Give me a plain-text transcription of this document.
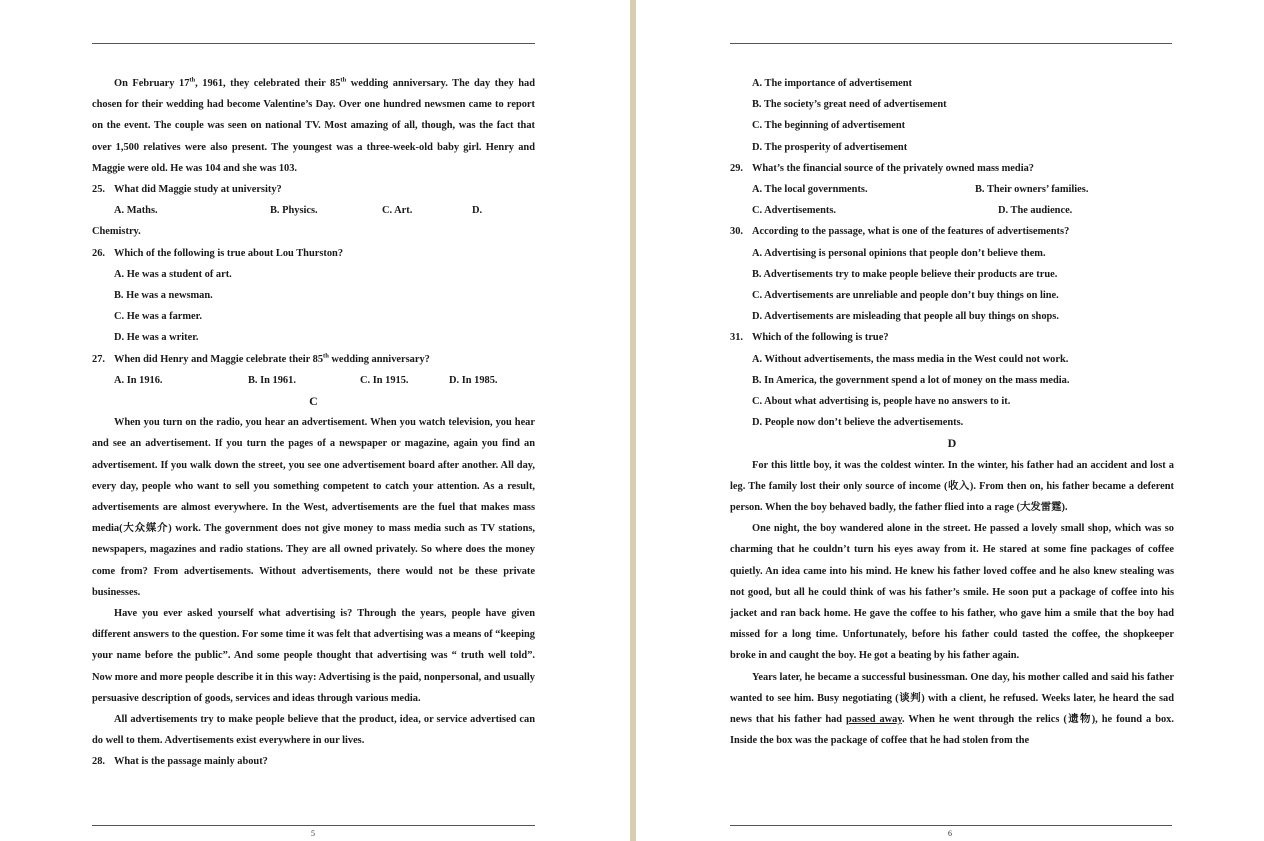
On February 17th, 1961, they celebrated their 85th wedding anniversary. The day they had chosen for their wedding had become Valentine’s Day. Over one hundred newsmen came to report on the event. The couple was seen on national TV. Most amazing of all, though, was the fact that over 1,500 relatives were also present. The youngest was a three-week-old baby girl. Henry and Maggie were old. He was 104 and she was 103.

25. What did Maggie study at university?

A. Maths.	B. Physics.	C. Art.	D.

Chemistry.

26. Which of the following is true about Lou Thurston?

A. He was a student of art.

B. He was a newsman.

C. He was a farmer.

D. He was a writer.

27. When did Henry and Maggie celebrate their 85th wedding anniversary?

A. In 1916.	B. In 1961.	C. In 1915.	D. In 1985.

C

When you turn on the radio, you hear an advertisement. When you watch television, you hear and see an advertisement. If you turn the pages of a newspaper or magazine, again you find an advertisement. If you walk down the street, you see one advertisement board after another. All day, every day, people who want to sell you something competent to catch your attention. As a result, advertisements are almost everywhere. In the West, advertisements are the fuel that makes mass media(大众媒介) work. The government does not give money to mass media such as TV stations, newspapers, magazines and radio stations. They are all owned privately. So where does the money come from? From advertisements. Without advertisements, there would not be these private businesses.

Have you ever asked yourself what advertising is? Through the years, people have given different answers to the question. For some time it was felt that advertising was a means of “keeping your name before the public”. And some people thought that advertising was “ truth well told”. Now more and more people describe it in this way: Advertising is the paid, nonpersonal, and usually persuasive description of goods, services and ideas through various media.

All advertisements try to make people believe that the product, idea, or service advertised can do well to them. Advertisements exist everywhere in our lives.

28. What is the passage mainly about?

5

A. The importance of advertisement

B. The society’s great need of advertisement

C. The beginning of advertisement

D. The prosperity of advertisement

29. What’s the financial source of the privately owned mass media?

A. The local governments.	B. Their owners’ families.
C. Advertisements.	D. The audience.

30. According to the passage, what is one of the features of advertisements?

A. Advertising is personal opinions that people don’t believe them.

B. Advertisements try to make people believe their products are true.

C. Advertisements are unreliable and people don’t buy things on line.

D. Advertisements are misleading that people all buy things on shops.

31. Which of the following is true?

A. Without advertisements, the mass media in the West could not work.

B. In America, the government spend a lot of money on the mass media.

C. About what advertising is, people have no answers to it.

D. People now don’t believe the advertisements.

D

For this little boy, it was the coldest winter. In the winter, his father had an accident and lost a leg. The family lost their only source of income (收入). From then on, his father became a deferent person. When the boy behaved badly, the father flied into a rage (大发雷霆).

One night, the boy wandered alone in the street. He passed a lovely small shop, which was so charming that he couldn’t turn his eyes away from it. He stared at some fine packages of coffee quietly. An idea came into his mind. He knew his father loved coffee and he also knew stealing was not good, but all he could think of was his father’s smile. He soon put a package of coffee into his jacket and ran back home. He gave the coffee to his father, who gave him a smile that the boy had missed for a long time. Unfortunately, before his father could tasted the coffee, the shopkeeper broke in and caught the boy. He got a beating by his father again.

Years later, he became a successful businessman. One day, his mother called and said his father wanted to see him. Busy negotiating (谈判) with a client, he refused. Weeks later, he heard the sad news that his father had passed away. When he went through the relics (遗物), he found a box. Inside the box was the package of coffee that he had stolen from the

6
